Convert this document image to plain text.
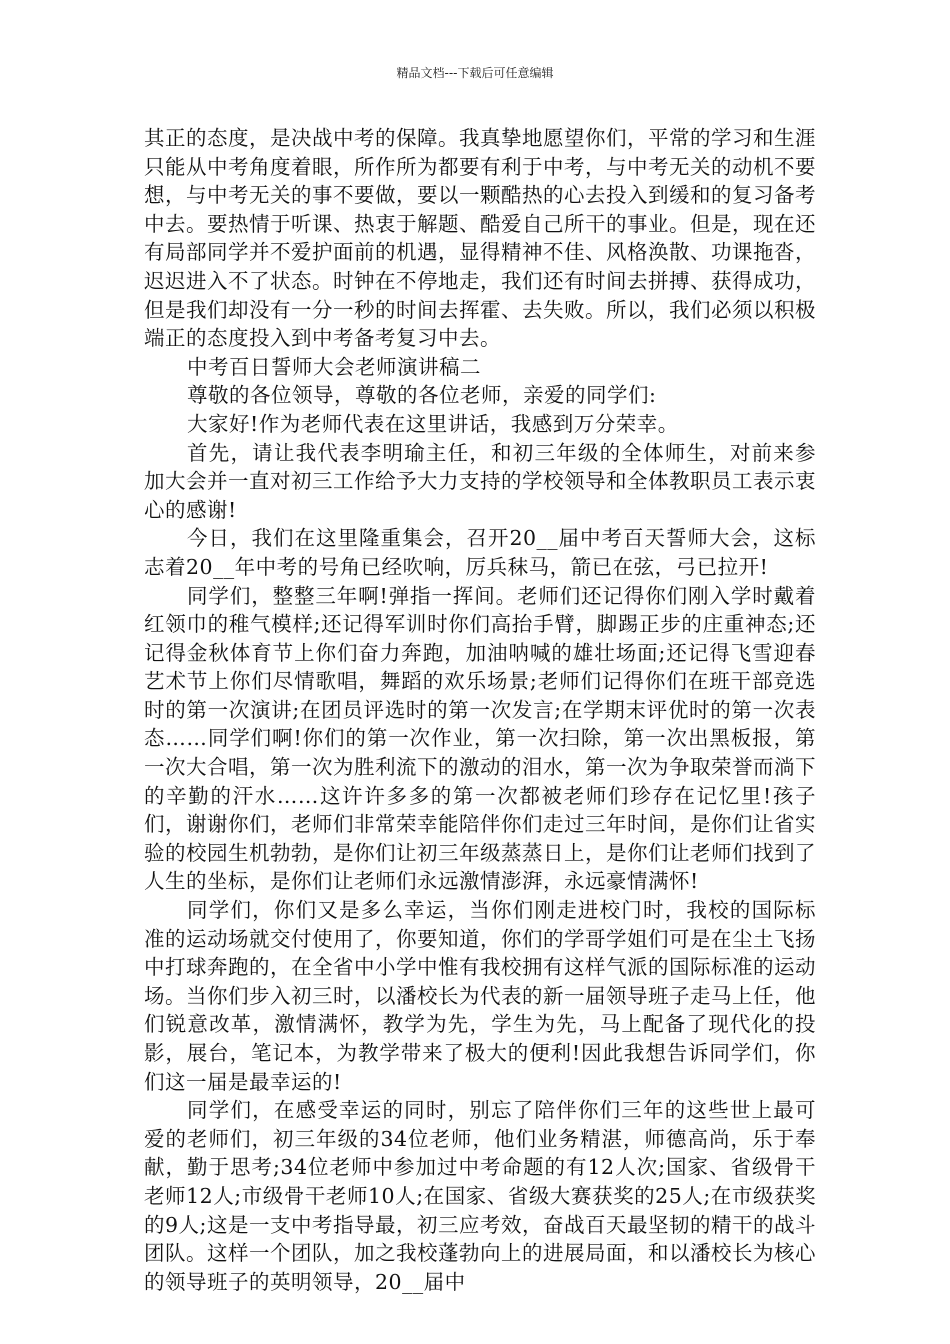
精品文档---下载后可任意编辑

其正的态度，是决战中考的保障。我真挚地愿望你们，平常的学习和生涯只能从中考角度着眼，所作所为都要有利于中考，与中考无关的动机不要想，与中考无关的事不要做，要以一颗酷热的心去投入到缓和的复习备考中去。要热情于听课、热衷于解题、酷爱自己所干的事业。但是，现在还有局部同学并不爱护面前的机遇，显得精神不佳、风格涣散、功课拖沓，迟迟进入不了状态。时钟在不停地走，我们还有时间去拼搏、获得成功，但是我们却没有一分一秒的时间去挥霍、去失败。所以，我们必须以积极端正的态度投入到中考备考复习中去。

中考百日誓师大会老师演讲稿二

尊敬的各位领导，尊敬的各位老师，亲爱的同学们:

大家好!作为老师代表在这里讲话，我感到万分荣幸。

首先，请让我代表李明瑜主任，和初三年级的全体师生，对前来参加大会并一直对初三工作给予大力支持的学校领导和全体教职员工表示衷心的感谢!

今日，我们在这里隆重集会，召开20__届中考百天誓师大会，这标志着20__年中考的号角已经吹响，厉兵秣马，箭已在弦，弓已拉开!

同学们，整整三年啊!弹指一挥间。老师们还记得你们刚入学时戴着红领巾的稚气模样;还记得军训时你们高抬手臂，脚踢正步的庄重神态;还记得金秋体育节上你们奋力奔跑，加油呐喊的雄壮场面;还记得飞雪迎春艺术节上你们尽情歌唱，舞蹈的欢乐场景;老师们记得你们在班干部竞选时的第一次演讲;在团员评选时的第一次发言;在学期末评优时的第一次表态……同学们啊!你们的第一次作业，第一次扫除，第一次出黑板报，第一次大合唱，第一次为胜利流下的激动的泪水，第一次为争取荣誉而淌下的辛勤的汗水……这许许多多的第一次都被老师们珍存在记忆里!孩子们，谢谢你们，老师们非常荣幸能陪伴你们走过三年时间，是你们让省实验的校园生机勃勃，是你们让初三年级蒸蒸日上，是你们让老师们找到了人生的坐标，是你们让老师们永远激情澎湃，永远豪情满怀!

同学们，你们又是多么幸运，当你们刚走进校门时，我校的国际标准的运动场就交付使用了，你要知道，你们的学哥学姐们可是在尘土飞扬中打球奔跑的，在全省中小学中惟有我校拥有这样气派的国际标准的运动场。当你们步入初三时，以潘校长为代表的新一届领导班子走马上任，他们锐意改革，激情满怀，教学为先，学生为先，马上配备了现代化的投影，展台，笔记本，为教学带来了极大的便利!因此我想告诉同学们，你们这一届是最幸运的!

同学们，在感受幸运的同时，别忘了陪伴你们三年的这些世上最可爱的老师们，初三年级的34位老师，他们业务精湛，师德高尚，乐于奉献，勤于思考;34位老师中参加过中考命题的有12人次;国家、省级骨干老师12人;市级骨干老师10人;在国家、省级大赛获奖的25人;在市级获奖的9人;这是一支中考指导最，初三应考效，奋战百天最坚韧的精干的战斗团队。这样一个团队，加之我校蓬勃向上的进展局面，和以潘校长为核心的领导班子的英明领导，20__届中
